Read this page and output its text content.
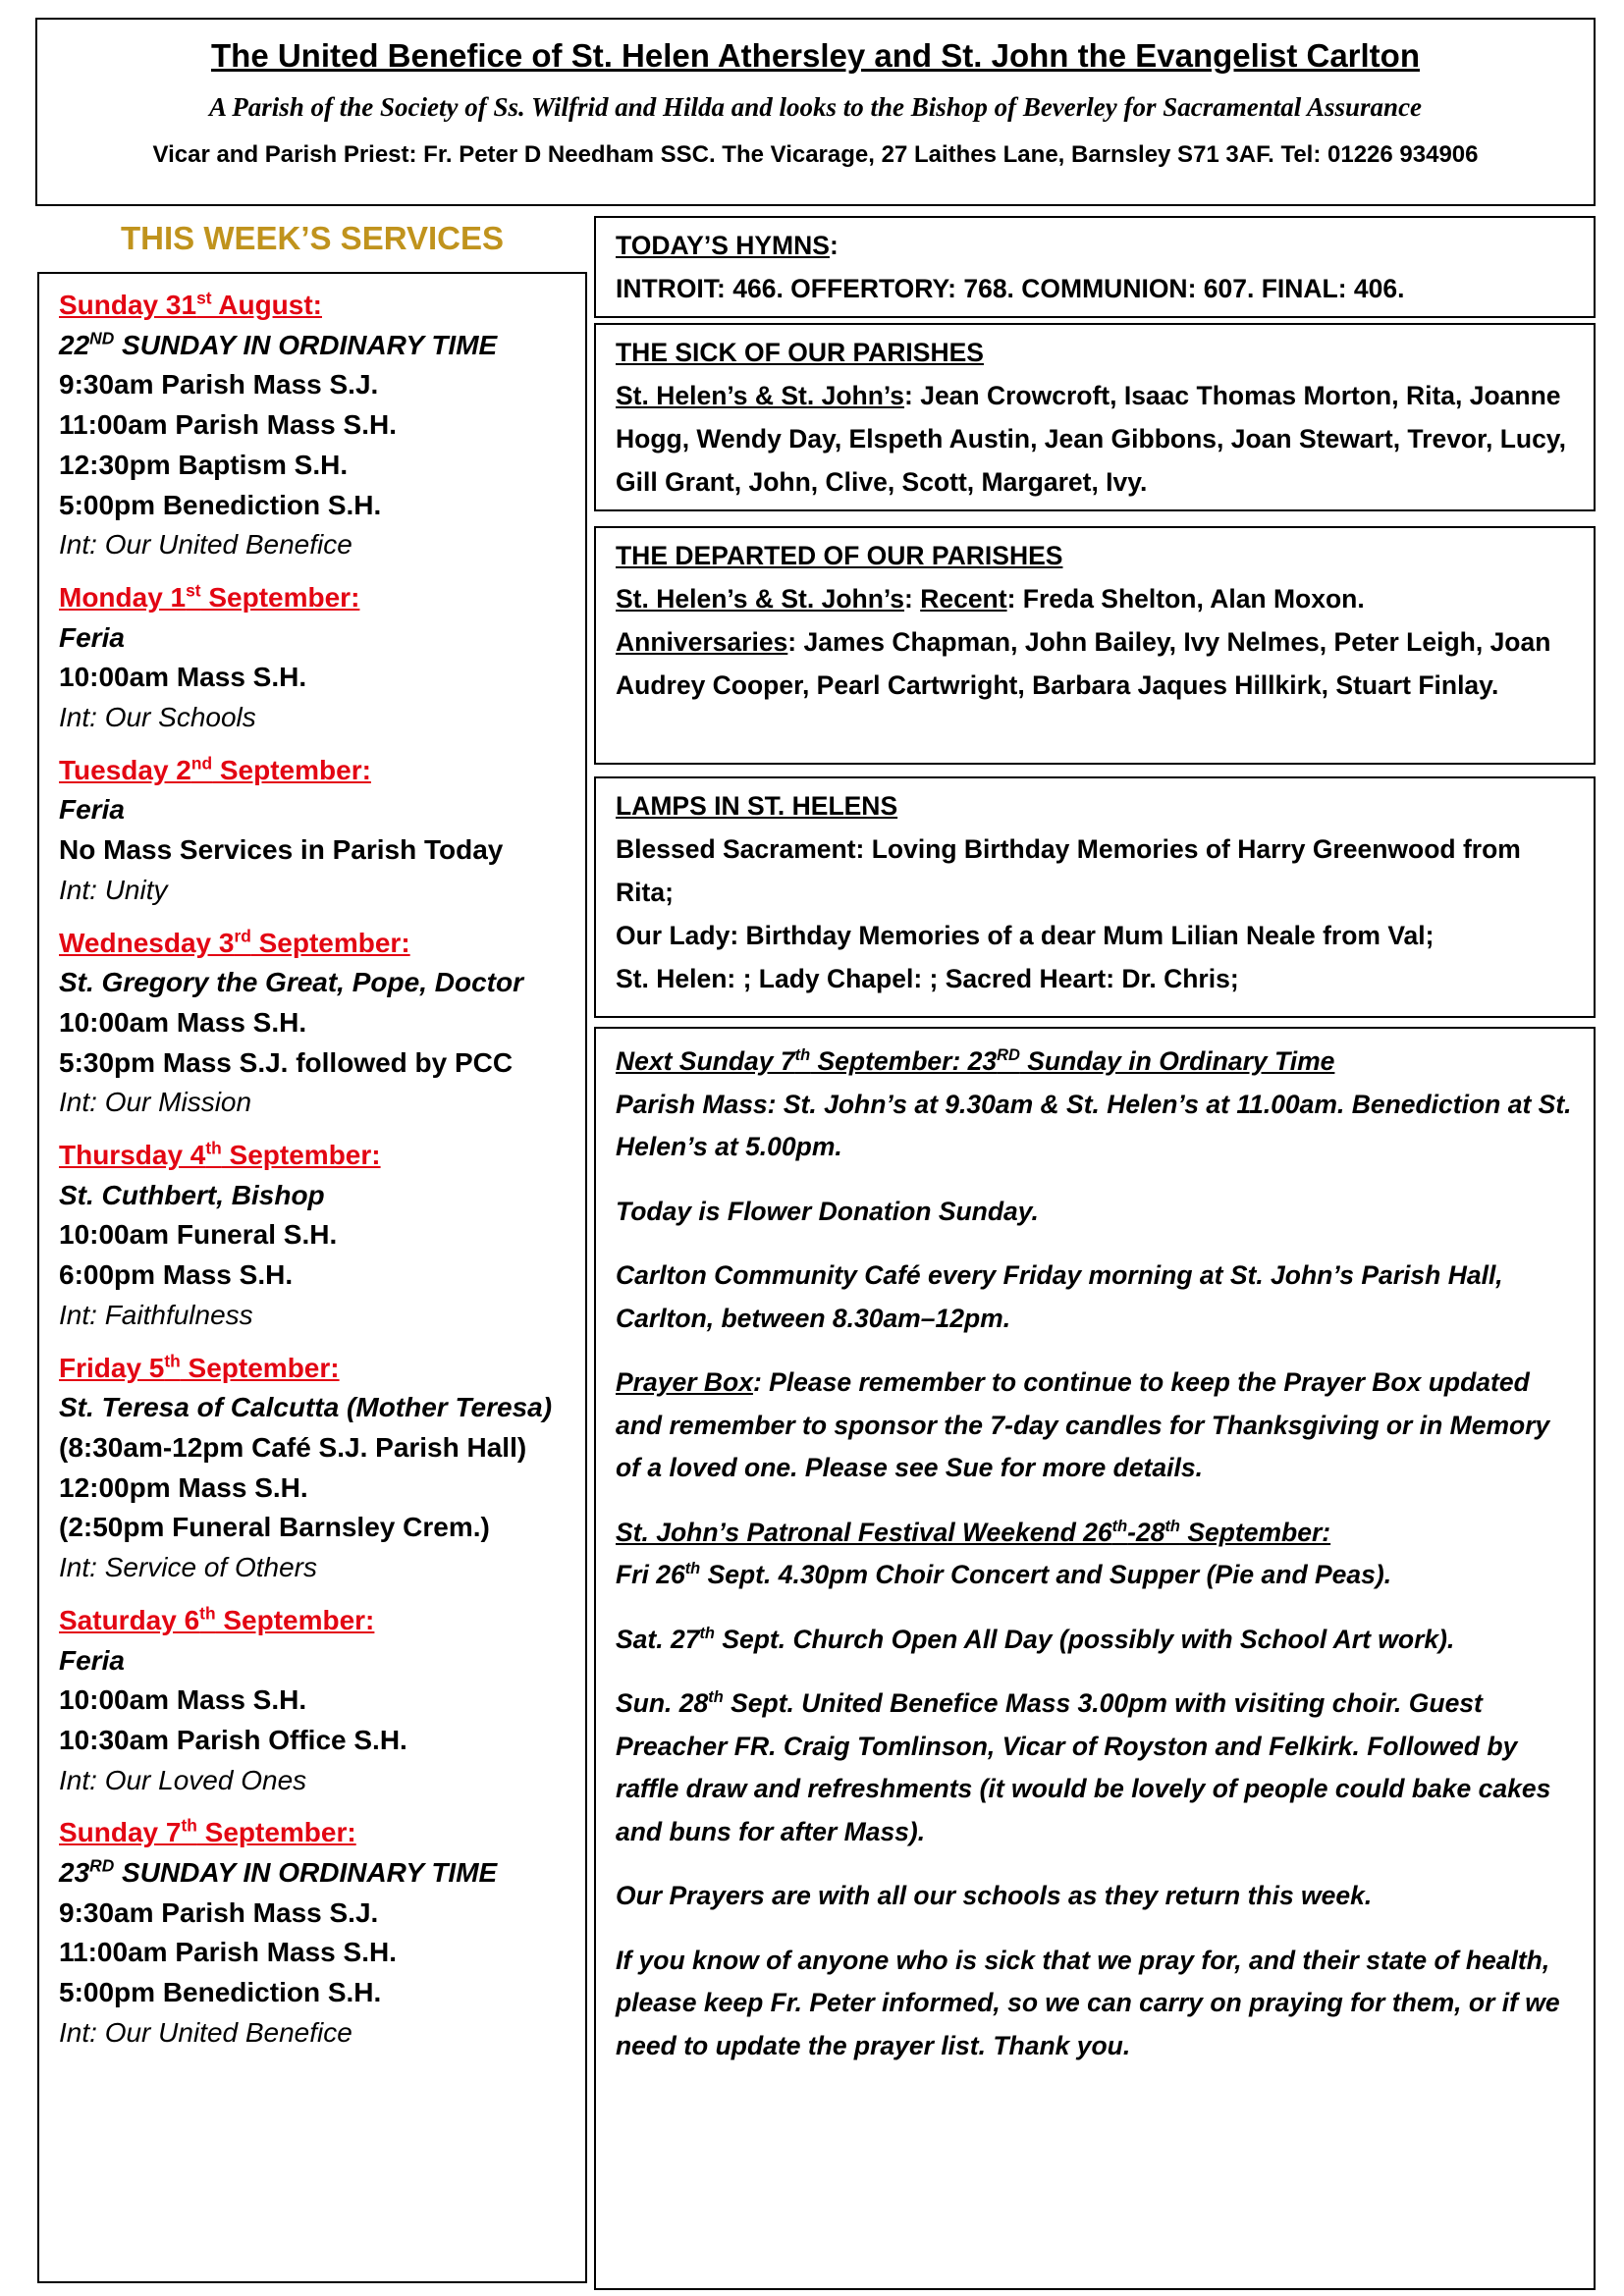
The United Benefice of St. Helen Athersley and St. John the Evangelist Carlton
A Parish of the Society of Ss. Wilfrid and Hilda and looks to the Bishop of Beverley for Sacramental Assurance
Vicar and Parish Priest: Fr. Peter D Needham SSC. The Vicarage, 27 Laithes Lane, Barnsley S71 3AF. Tel: 01226 934906
THIS WEEK’S SERVICES
Sunday 31st August:
22ND SUNDAY IN ORDINARY TIME
9:30am Parish Mass S.J.
11:00am Parish Mass S.H.
12:30pm Baptism S.H.
5:00pm Benediction S.H.
Int: Our United Benefice
Monday 1st September:
Feria
10:00am Mass S.H.
Int: Our Schools
Tuesday 2nd September:
Feria
No Mass Services in Parish Today
Int: Unity
Wednesday 3rd September:
St. Gregory the Great, Pope, Doctor
10:00am Mass S.H.
5:30pm Mass S.J. followed by PCC
Int: Our Mission
Thursday 4th September:
St. Cuthbert, Bishop
10:00am Funeral S.H.
6:00pm Mass S.H.
Int: Faithfulness
Friday 5th September:
St. Teresa of Calcutta (Mother Teresa)
(8:30am-12pm Café S.J. Parish Hall)
12:00pm Mass S.H.
(2:50pm Funeral Barnsley Crem.)
Int: Service of Others
Saturday 6th September:
Feria
10:00am Mass S.H.
10:30am Parish Office S.H.
Int: Our Loved Ones
Sunday 7th September:
23RD SUNDAY IN ORDINARY TIME
9:30am Parish Mass S.J.
11:00am Parish Mass S.H.
5:00pm Benediction S.H.
Int: Our United Benefice
TODAY’S HYMNS:
INTROIT: 466. OFFERTORY: 768. COMMUNION: 607. FINAL: 406.
THE SICK OF OUR PARISHES
St. Helen’s & St. John’s: Jean Crowcroft, Isaac Thomas Morton, Rita, Joanne Hogg, Wendy Day, Elspeth Austin, Jean Gibbons, Joan Stewart, Trevor, Lucy, Gill Grant, John, Clive, Scott, Margaret, Ivy.
THE DEPARTED OF OUR PARISHES
St. Helen’s & St. John’s: Recent: Freda Shelton, Alan Moxon.
Anniversaries: James Chapman, John Bailey, Ivy Nelmes, Peter Leigh, Joan Audrey Cooper, Pearl Cartwright, Barbara Jaques Hillkirk, Stuart Finlay.
LAMPS IN ST. HELENS
Blessed Sacrament: Loving Birthday Memories of Harry Greenwood from Rita;
Our Lady: Birthday Memories of a dear Mum Lilian Neale from Val;
St. Helen: ; Lady Chapel: ; Sacred Heart: Dr. Chris;

Next Sunday 7th September: 23RD Sunday in Ordinary Time

Parish Mass: St. John’s at 9.30am & St. Helen’s at 11.00am. Benediction at St. Helen’s at 5.00pm.

Today is Flower Donation Sunday.

Carlton Community Café every Friday morning at St. John’s Parish Hall, Carlton, between 8.30am–12pm.

Prayer Box: Please remember to continue to keep the Prayer Box updated and remember to sponsor the 7-day candles for Thanksgiving or in Memory of a loved one. Please see Sue for more details.

St. John’s Patronal Festival Weekend 26th-28th September:

Fri 26th Sept. 4.30pm Choir Concert and Supper (Pie and Peas).

Sat. 27th Sept. Church Open All Day (possibly with School Art work).

Sun. 28th Sept. United Benefice Mass 3.00pm with visiting choir. Guest Preacher FR. Craig Tomlinson, Vicar of Royston and Felkirk. Followed by raffle draw and refreshments (it would be lovely of people could bake cakes and buns for after Mass).

Our Prayers are with all our schools as they return this week.

If you know of anyone who is sick that we pray for, and their state of health, please keep Fr. Peter informed, so we can carry on praying for them, or if we need to update the prayer list. Thank you.
